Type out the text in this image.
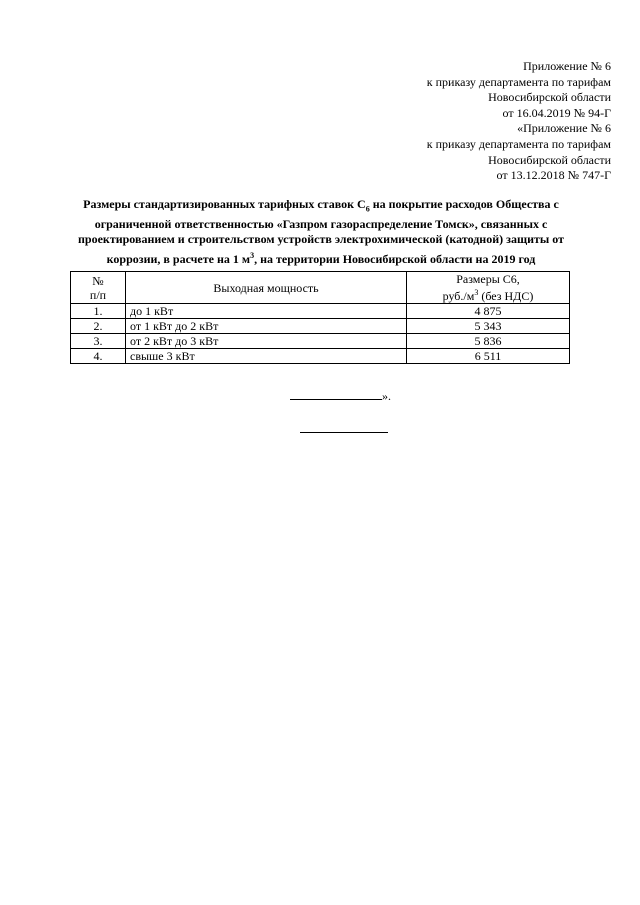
Приложение № 6
к приказу департамента по тарифам
Новосибирской области
от 16.04.2019 № 94-Г
«Приложение № 6
к приказу департамента по тарифам
Новосибирской области
от 13.12.2018 № 747-Г
Размеры стандартизированных тарифных ставок $С_6$ на покрытие расходов Общества с ограниченной ответственностью «Газпром газораспределение Томск», связанных с проектированием и строительством устройств электрохимической (катодной) защиты от коррозии, в расчете на 1 $м^3$, на территории Новосибирской области на 2019 год
№
п/п	Выходная мощность	Размеры С6,
$руб./м^3$ (без НДС)
1.	до 1 кВт	4 875
2.	от 1 кВт до 2 кВт	5 343
3.	от 2 кВт до 3 кВт	5 836
4.	свыше 3 кВт	6 511
».
